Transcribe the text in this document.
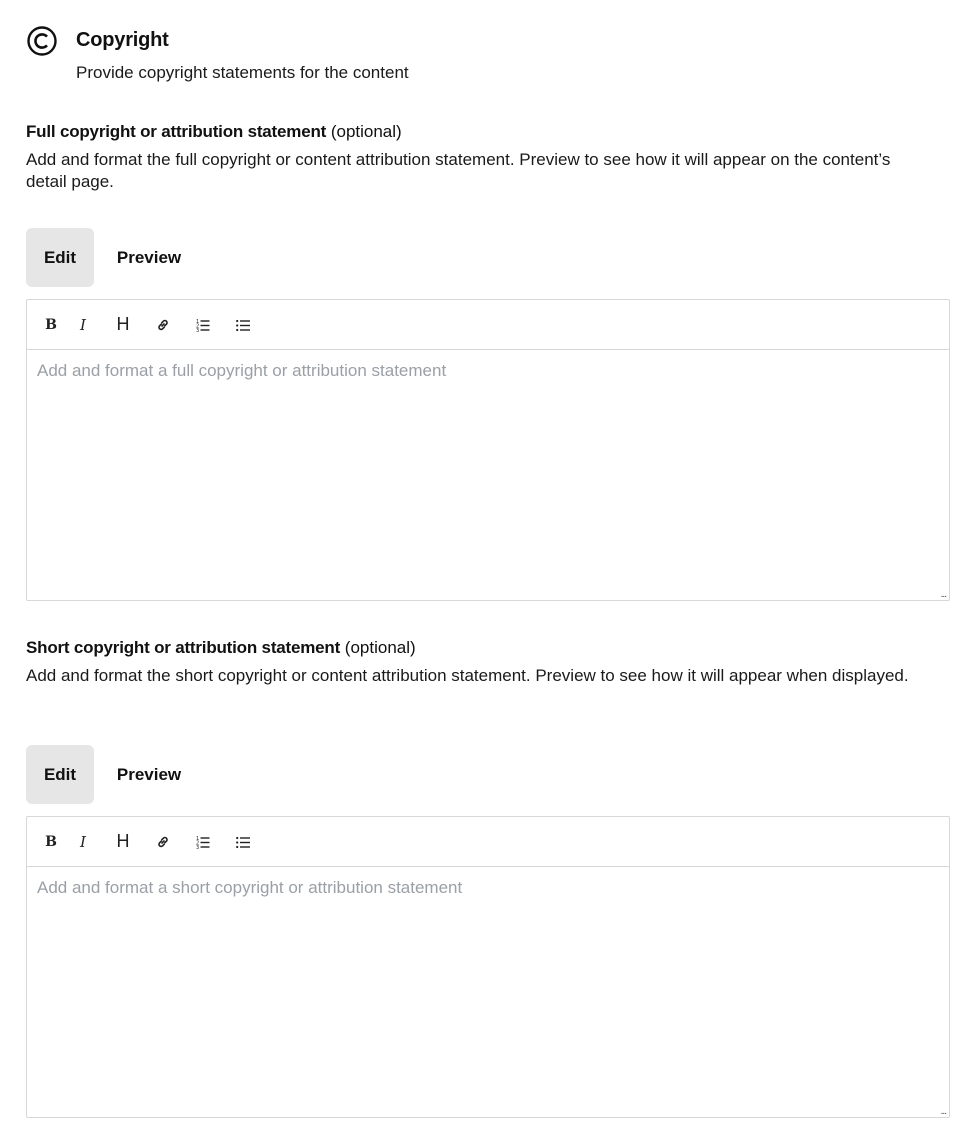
Copyright
Provide copyright statements for the content
Full copyright or attribution statement (optional)
Add and format the full copyright or content attribution statement. Preview to see how it will appear on the content’s detail page.
Edit	Preview
B	I	H	1
2
3
Add and format a full copyright or attribution statement
...
Short copyright or attribution statement (optional)
Add and format the short copyright or content attribution statement. Preview to see how it will appear when displayed.
Edit	Preview
B	I	H	1
2
3
Add and format a short copyright or attribution statement
...
